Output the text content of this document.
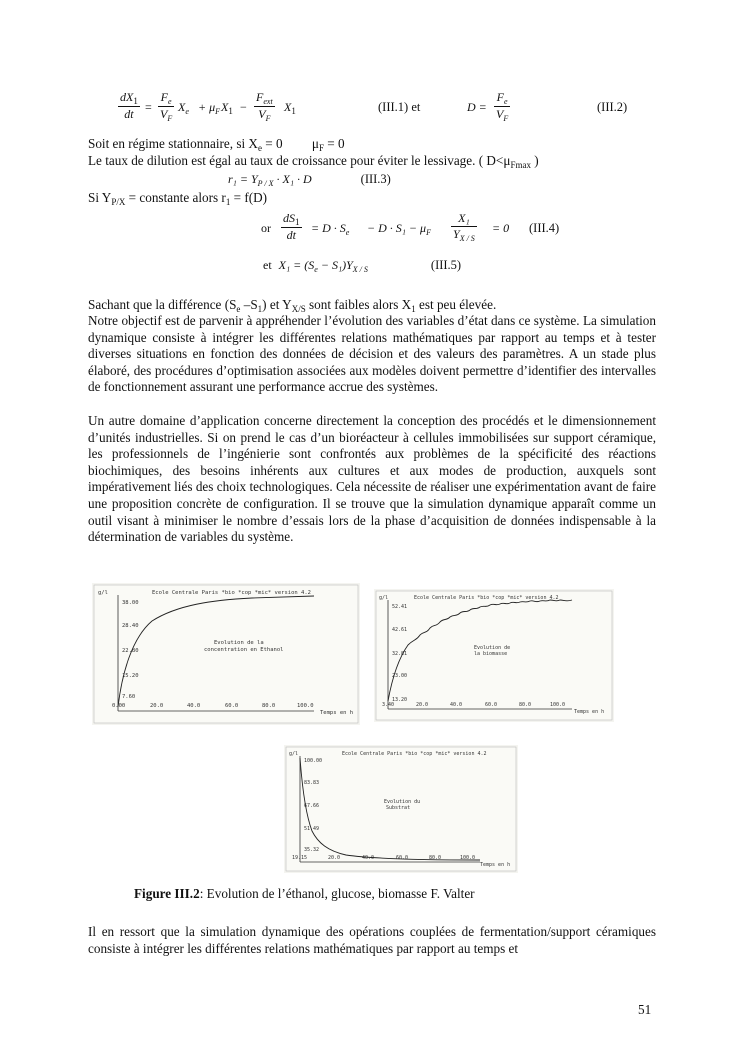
$\frac{dX_1}{dt} = \frac{F_e}{V_F} X_e + \mu_F$ $X_1$ −
$F_{ext}$
$V_F$
$X_1$	(III.1) et	$D = \frac{F_e}{V_F}$	(III.2)
Soit en régime stationnaire, si $X_e = 0$ $\mu_F = 0$
Le taux de dilution est égal au taux de croissance pour éviter le lessivage. ( $D<\mu_{Fmax}$ )
$r_1 = Y_{P / X} \cdot X_1 \cdot D$	(III.3)
Si $Y_{P/X}$ = constante alors $r_1 = f(D)$
or $\frac{dS_1}{dt} = D \cdot S_e - D \cdot S_1 - \mu_F \frac{\text{X₁}}{Y_{X / S}} = 0$ (III.4)
et $X_1 = (S_e - S_1)Y_{X / S}$	(III.5)
Sachant que la différence ($S_e$ $-S_1$) et $Y_{X/S}$ sont faibles alors $X_1$ est peu élevée.
Notre objectif est de parvenir à appréhender l’évolution des variables d’état dans ce système. La simulation dynamique consiste à intégrer les différentes relations mathématiques par rapport au temps et à tester diverses situations en fonction des données de décision et des valeurs des paramètres. A un stade plus élaboré, des procédures d’optimisation associées aux modèles doivent permettre d’identifier des intervalles de fonctionnement assurant une performance accrue des systèmes.
Un autre domaine d’application concerne directement la conception des procédés et le dimensionnement d’unités industrielles. Si on prend le cas d’un bioréacteur à cellules immobilisées sur support céramique, les professionnels de l’ingénierie sont confrontés aux problèmes de la spécificité des réactions biochimiques, des besoins inhérents aux cultures et aux modes de production, auxquels sont impérativement liés des choix technologiques. Cela nécessite de réaliser une expérimentation avant de faire une proposition concrète de configuration. Il se trouve que la simulation dynamique apparaît comme un outil visant à minimiser le nombre d’essais lors de la phase d’acquisition de données indispensable à la détermination de variables du système.
g/l	Ecole Centrale Paris *bio *cop *mic* version 4.2
38.00
28.40
22.80
15.20
7.60
0.00	20.0	40.0	60.0	80.0	100.0
Temps en h
Evolution de la
concentration en Ethanol
g/l	Ecole Centrale Paris *bio *cop *mic* version 4.2
52.41
42.61
32.81
23.00
13.20
3.40	20.0	40.0	60.0	80.0	100.0
Temps en h
Evolution de
la biomasse
g/l	Ecole Centrale Paris *bio *cop *mic* version 4.2
100.00
83.83
67.66
51.49
35.32
19.15	20.0	40.0	60.0	80.0	100.0
Temps en h
Evolution du
Substrat
Figure III.2: Evolution de l’éthanol, glucose, biomasse F. Valter
Il en ressort que la simulation dynamique des opérations couplées de fermentation/support céramiques consiste à intégrer les différentes relations mathématiques par rapport au temps et
51
